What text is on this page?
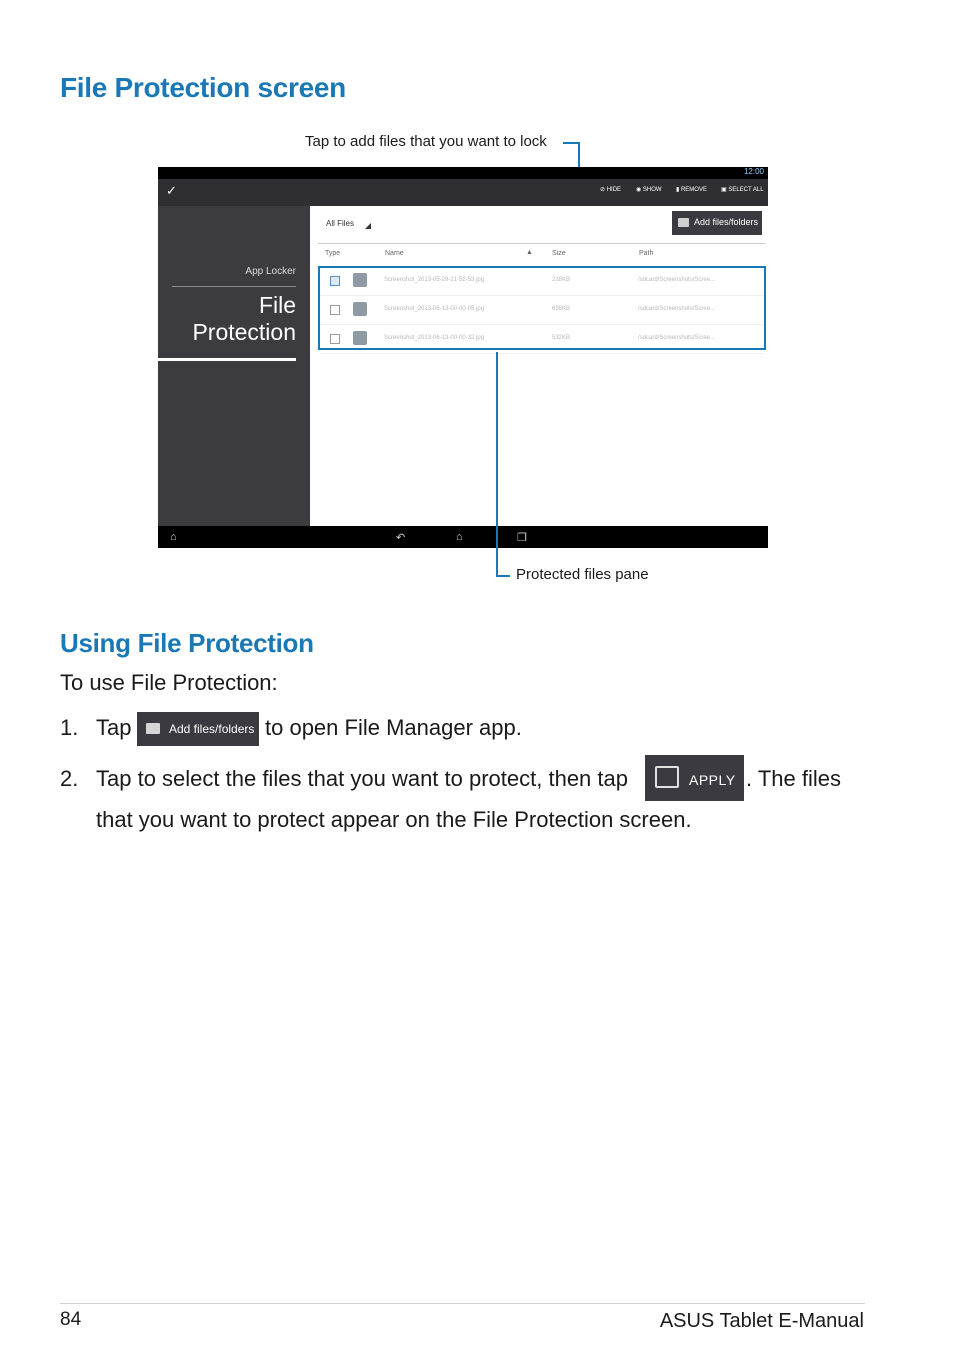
File Protection screen
Tap to add files that you want to lock
12:00
✓	⊘ HIDE ◉ SHOW ▮ REMOVE ▣ SELECT ALL
App Locker
File
Protection
Add files/folders
All Files
Type	Name	▲	Size	Path
Screenshot_2013-05-29-21-52-53.jpg	218KB	/sdcard/Screenshots/Scree...
Screenshot_2013-06-13-00-00-05.jpg	698KB	/sdcard/Screenshots/Scree...
Screenshot_2013-06-13-00-00-32.jpg	532KB	/sdcard/Screenshots/Scree...
⌂	↶	⌂	❐
Protected files pane
Using File Protection
To use File Protection:
1. Tap	Add files/folders to open File Manager app.
2. Tap to select the files that you want to protect, then tap	APPLY . The files
that you want to protect appear on the File Protection screen.
84	ASUS Tablet E-Manual
